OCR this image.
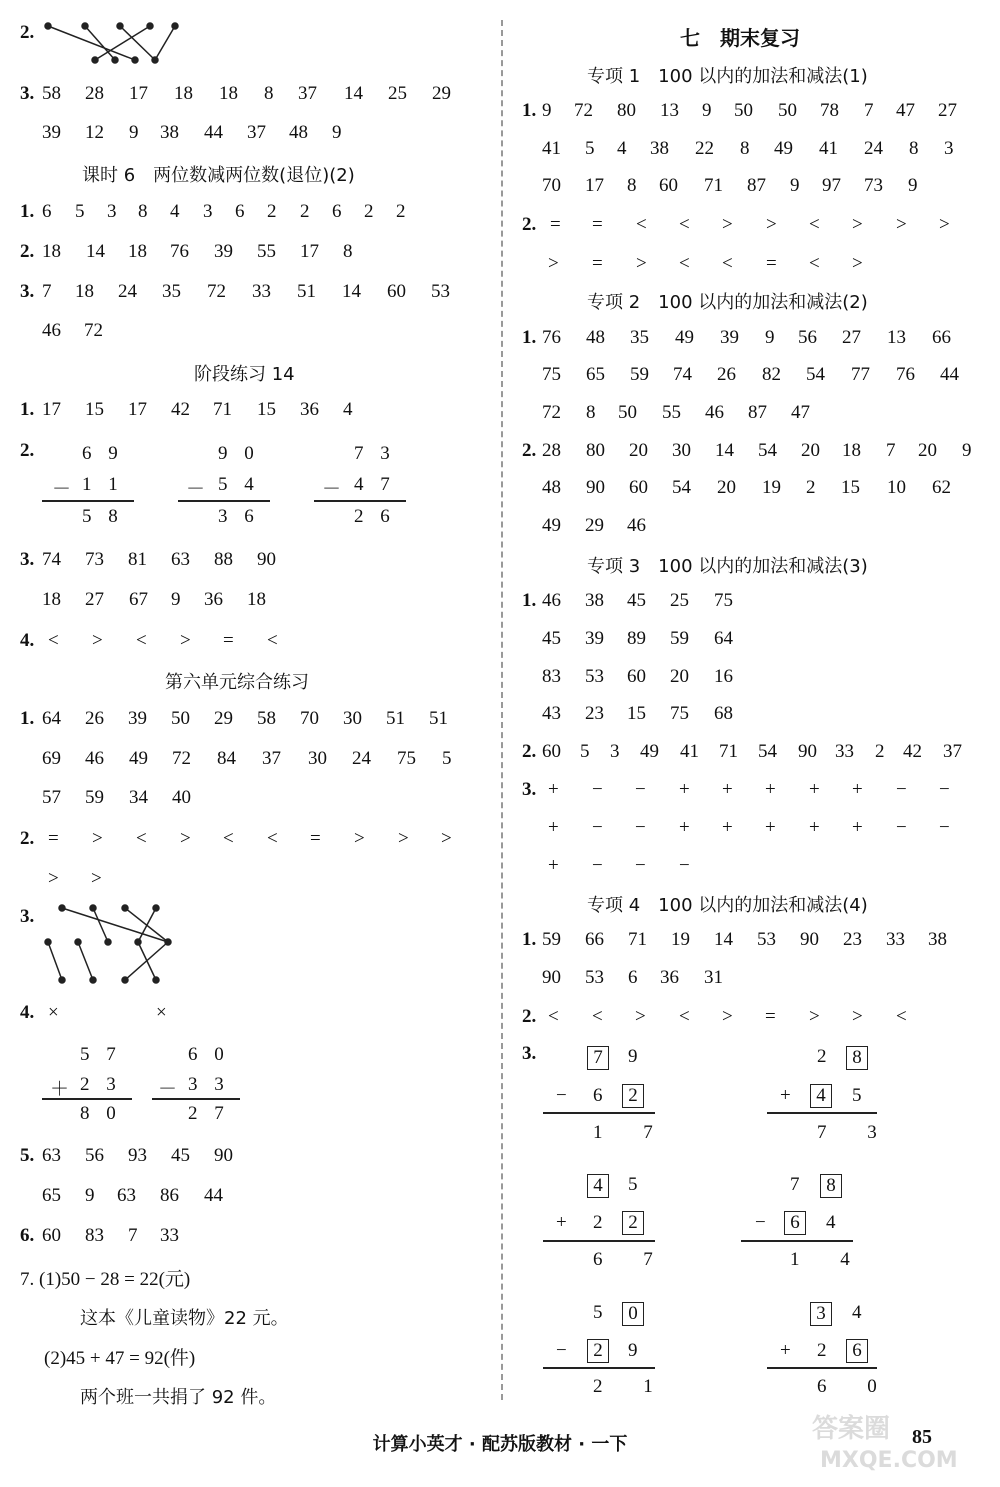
2.
3. 58 28 17 18 18 8 37 14 25 29
39 12 9 38 44 37 48 9
课时 6　两位数减两位数(退位)(2)
1. 6 5 3 8 4 3 6 2 2 6 2 2
2. 18 14 18 76 39 55 17 8
3. 7 18 24 35 72 33 51 14 60 53
46 72
阶段练习 14
1. 17 15 17 42 71 15 36 4
2.	6 9
－ 1 1
5 8
9 0
－ 5 4
3 6
7 3
－ 4 7
2 6
3. 74 73 81 63 88 90
18 27 67 9 36 18
4. < > < > = <
第六单元综合练习
1. 64 26 39 50 29 58 70 30 51 51
69 46 49 72 84 37 30 24 75 5
57 59 34 40
2. = > < > < < = > > >
> >
3.
4. ×	×
5 7
＋ 2 3
8 0
6 0
－ 3 3
2 7
5. 63 56 93 45 90
65 9 63 86 44
6. 60 83 7 33
7. (1)50 − 28 = 22(元)
这本《儿童读物》22 元。
(2)45 + 47 = 92(件)
两个班一共捐了 92 件。
七　期末复习
专项 1　100 以内的加法和减法(1)
1. 9 72 80 13 9 50 50 78 7 47 27
41 5 4 38 22 8 49 41 24 8 3
70 17 8 60 71 87 9 97 73 9
2. = = < < > > < > > >
> = > < < = < >
专项 2　100 以内的加法和减法(2)
1. 76 48 35 49 39 9 56 27 13 66
75 65 59 74 26 82 54 77 76 44
72 8 50 55 46 87 47
2. 28 80 20 30 14 54 20 18 7 20 9
48 90 60 54 20 19 2 15 10 62
49 29 46
专项 3　100 以内的加法和减法(3)
1. 46 38 45 25 75
45 39 89 59 64
83 53 60 20 16
43 23 15 75 68
2. 60 5 3 49 41 71 54 90 33 2 42 37
3. + − − + + + + + − −
+ − − + + + + + − −
+ − − −
专项 4　100 以内的加法和减法(4)
1. 59 66 71 19 14 53 90 23 33 38
90 53 6 36 31
2. < < > < > = > > <
3.	7	9
− 6	2
1 7
2	8
+	4	5
7 3
4	5
+ 2	2
6 7
7	8
−	6	4
1 4
5	0
−	2	9
2 1
3	4
+ 2	6
6 0
计算小英才 · 配苏版教材 · 一下	85
答案圈
MXQE.COM
